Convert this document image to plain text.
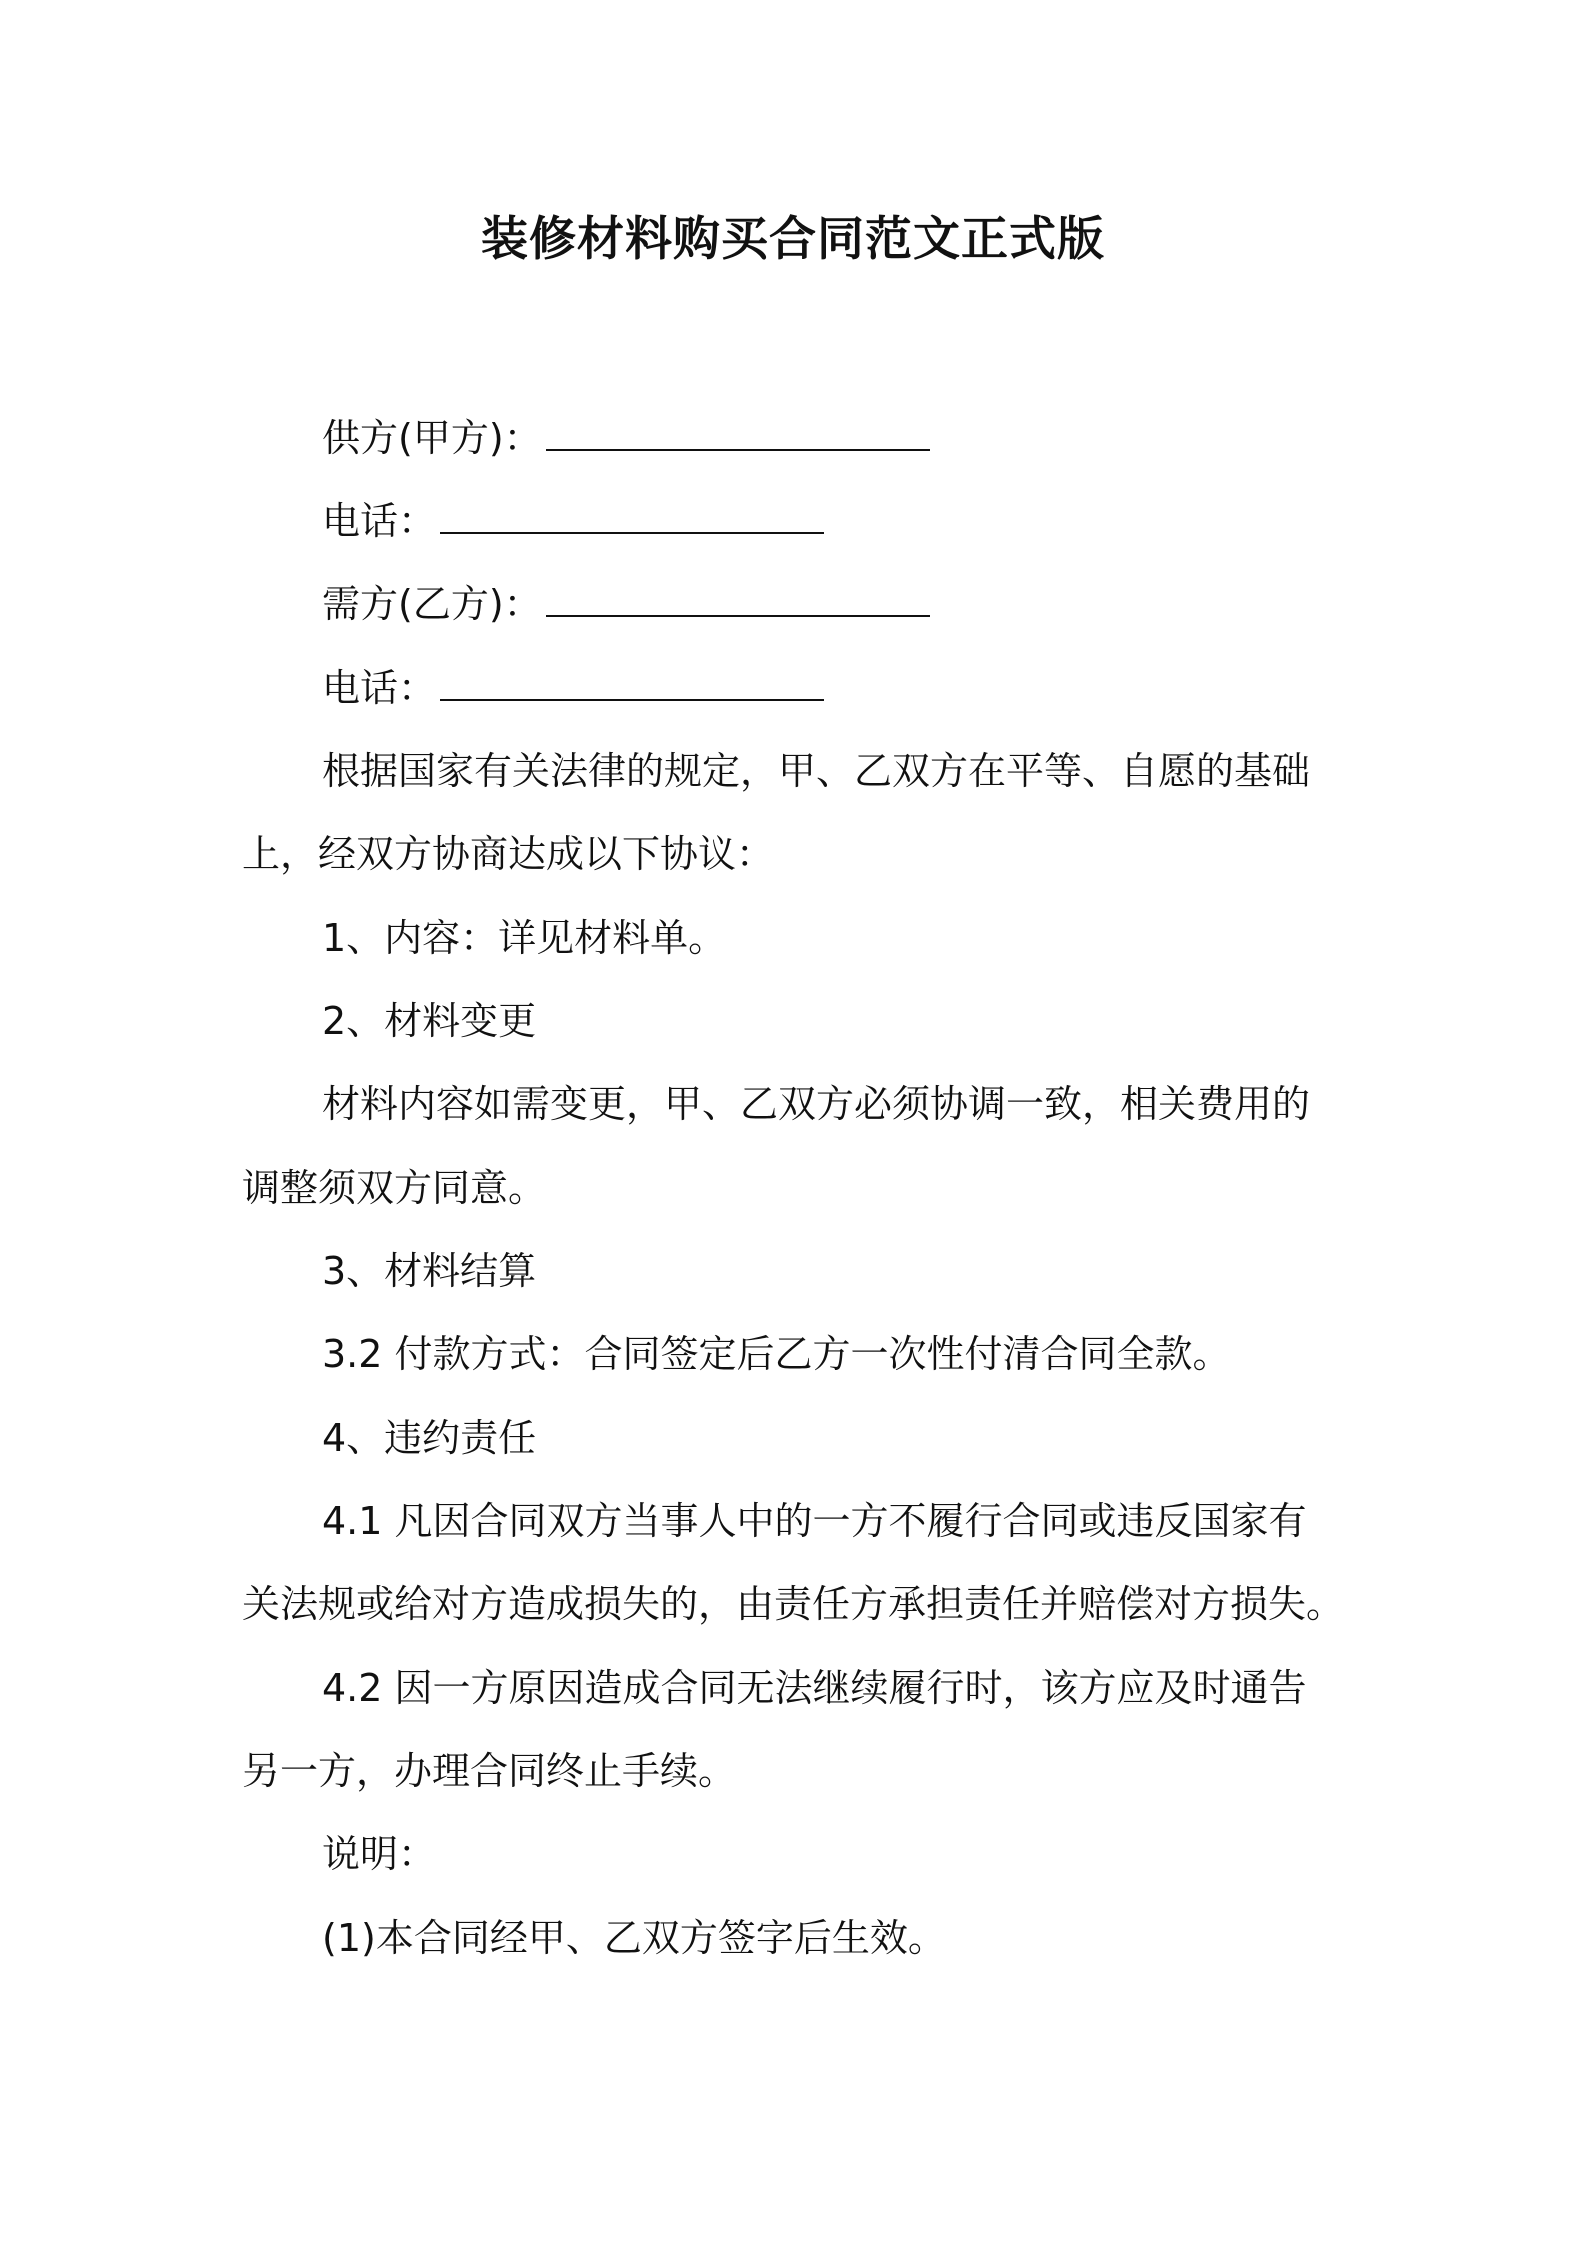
装修材料购买合同范文正式版

供方(甲方)：

电话：

需方(乙方)：

电话：

根据国家有关法律的规定，甲、乙双方在平等、自愿的基础

上，经双方协商达成以下协议：

1、内容：详见材料单。

2、材料变更

材料内容如需变更，甲、乙双方必须协调一致，相关费用的

调整须双方同意。

3、材料结算

3.2 付款方式：合同签定后乙方一次性付清合同全款。

4、违约责任

4.1 凡因合同双方当事人中的一方不履行合同或违反国家有

关法规或给对方造成损失的，由责任方承担责任并赔偿对方损失。

4.2 因一方原因造成合同无法继续履行时，该方应及时通告

另一方，办理合同终止手续。

说明：

(1)本合同经甲、乙双方签字后生效。
